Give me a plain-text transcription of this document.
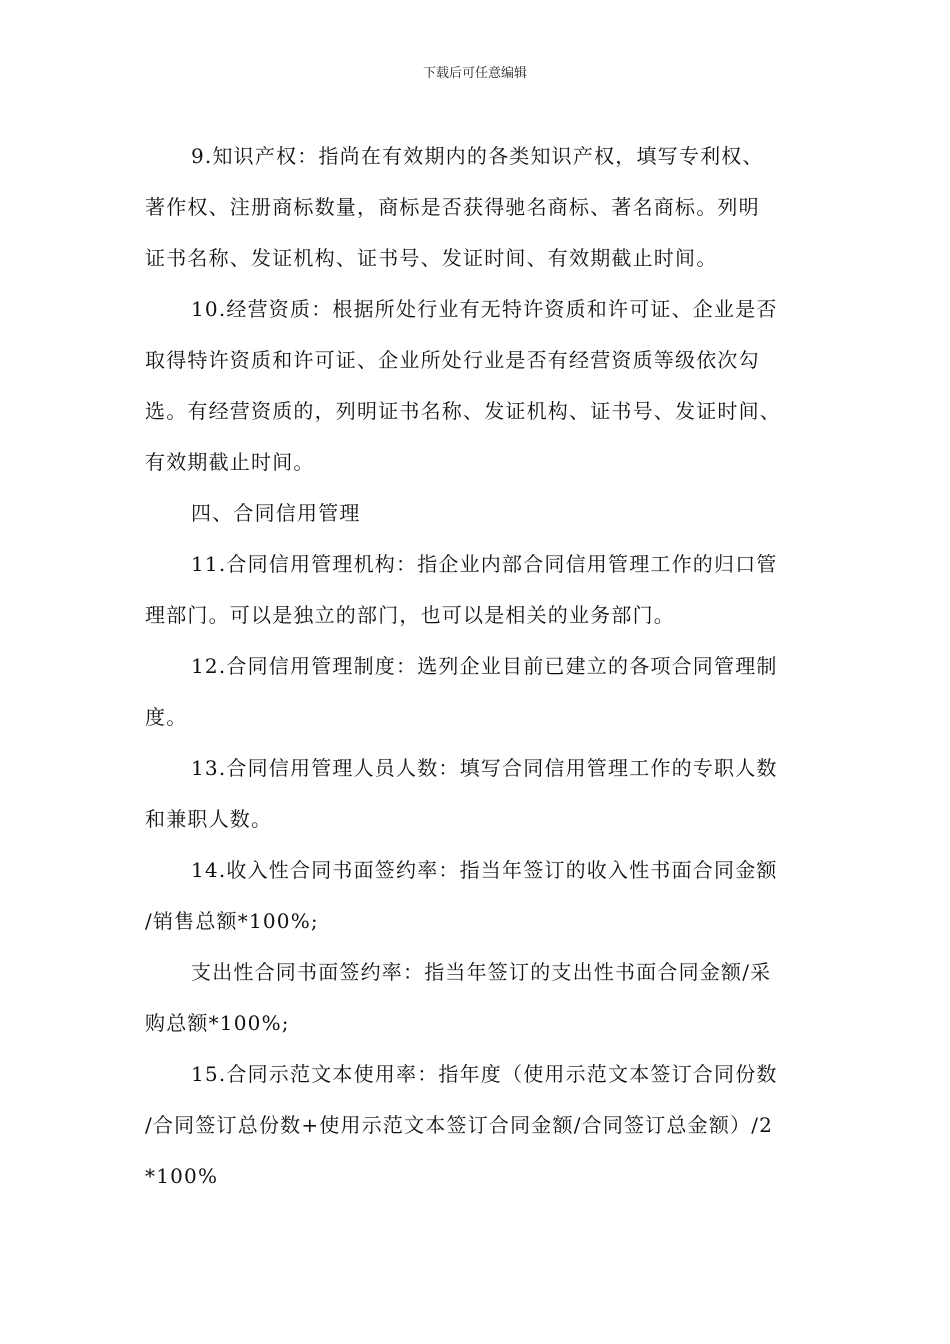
下载后可任意编辑
9.知识产权：指尚在有效期内的各类知识产权，填写专利权、
著作权、注册商标数量，商标是否获得驰名商标、著名商标。列明
证书名称、发证机构、证书号、发证时间、有效期截止时间。
10.经营资质：根据所处行业有无特许资质和许可证、企业是否
取得特许资质和许可证、企业所处行业是否有经营资质等级依次勾
选。有经营资质的，列明证书名称、发证机构、证书号、发证时间、
有效期截止时间。
四、合同信用管理
11.合同信用管理机构：指企业内部合同信用管理工作的归口管
理部门。可以是独立的部门，也可以是相关的业务部门。
12.合同信用管理制度：选列企业目前已建立的各项合同管理制
度。
13.合同信用管理人员人数：填写合同信用管理工作的专职人数
和兼职人数。
14.收入性合同书面签约率：指当年签订的收入性书面合同金额
/销售总额*100%;
支出性合同书面签约率：指当年签订的支出性书面合同金额/采
购总额*100%;
15.合同示范文本使用率：指年度（使用示范文本签订合同份数
/合同签订总份数+使用示范文本签订合同金额/合同签订总金额）/2
*100%
